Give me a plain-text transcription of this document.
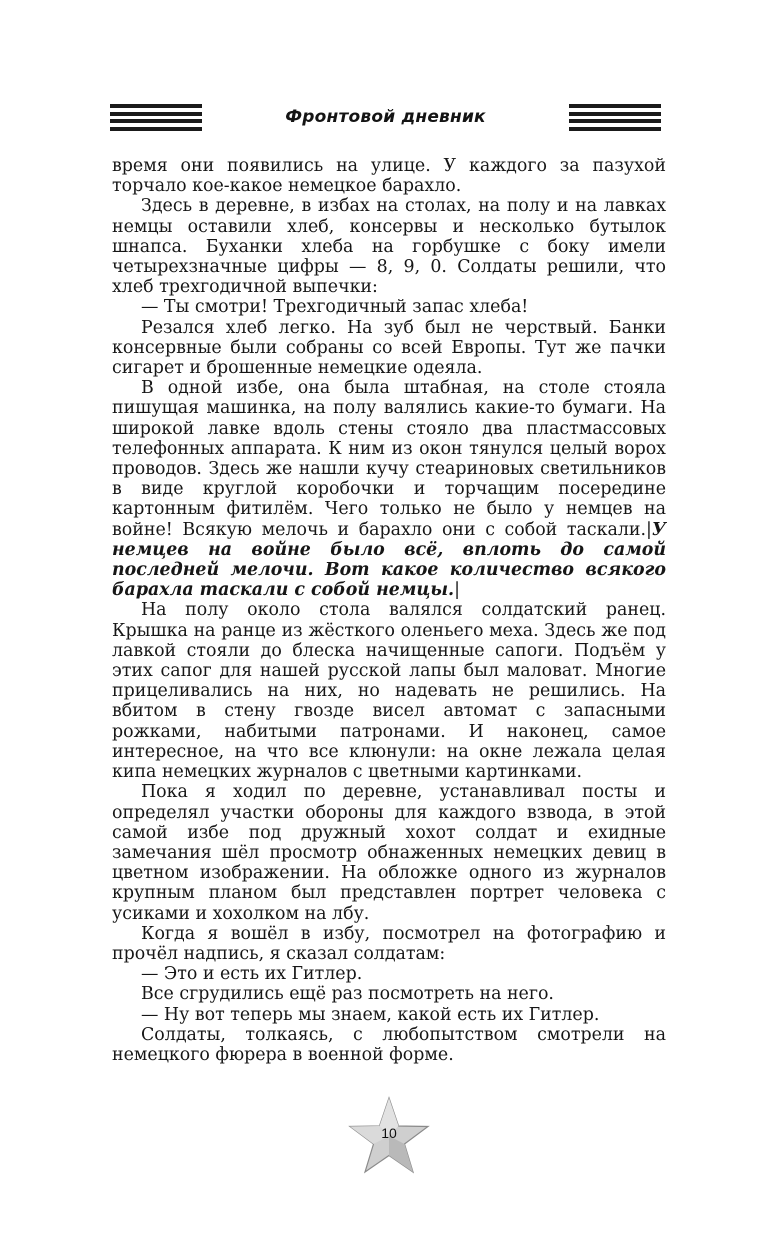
Фронтовой дневник

время они появились на улице. У каждого за пазухой торчало кое-какое немецкое барахло.

Здесь в деревне, в избах на столах, на полу и на лавках немцы оставили хлеб, консервы и несколько бутылок шнапса. Буханки хлеба на горбушке с боку имели четырехзначные цифры — 8, 9, 0. Солдаты решили, что хлеб трехгодичной выпечки:

— Ты смотри! Трехгодичный запас хлеба!

Резался хлеб легко. На зуб был не черствый. Банки консервные были собраны со всей Европы. Тут же пачки сигарет и брошенные немецкие одеяла.

В одной избе, она была штабная, на столе стояла пишущая машинка, на полу валялись какие-то бумаги. На широкой лавке вдоль стены стояло два пластмассовых телефонных аппарата. К ним из окон тянулся целый ворох проводов. Здесь же нашли кучу стеариновых светильников в виде круглой коробочки и торчащим посередине картонным фитилём. Чего только не было у немцев на войне! Всякую мелочь и барахло они с собой таскали.|У немцев на войне было всё, вплоть до самой последней мелочи. Вот какое количество всякого барахла таскали с собой немцы.|

На полу около стола валялся солдатский ранец. Крышка на ранце из жёсткого оленьего меха. Здесь же под лавкой стояли до блеска начищенные сапоги. Подъём у этих сапог для нашей русской лапы был маловат. Многие прицеливались на них, но надевать не решились. На вбитом в стену гвозде висел автомат с запасными рожками, набитыми патронами. И наконец, самое интересное, на что все клюнули: на окне лежала целая кипа немецких журналов с цветными картинками.

Пока я ходил по деревне, устанавливал посты и определял участки обороны для каждого взвода, в этой самой избе под дружный хохот солдат и ехидные замечания шёл просмотр обнаженных немецких девиц в цветном изображении. На обложке одного из журналов крупным планом был представлен портрет человека с усиками и хохолком на лбу.

Когда я вошёл в избу, посмотрел на фотографию и прочёл надпись, я сказал солдатам:

— Это и есть их Гитлер.

Все сгрудились ещё раз посмотреть на него.

— Ну вот теперь мы знаем, какой есть их Гитлер.

Солдаты, толкаясь, с любопытством смотрели на немецкого фюрера в военной форме.

10
